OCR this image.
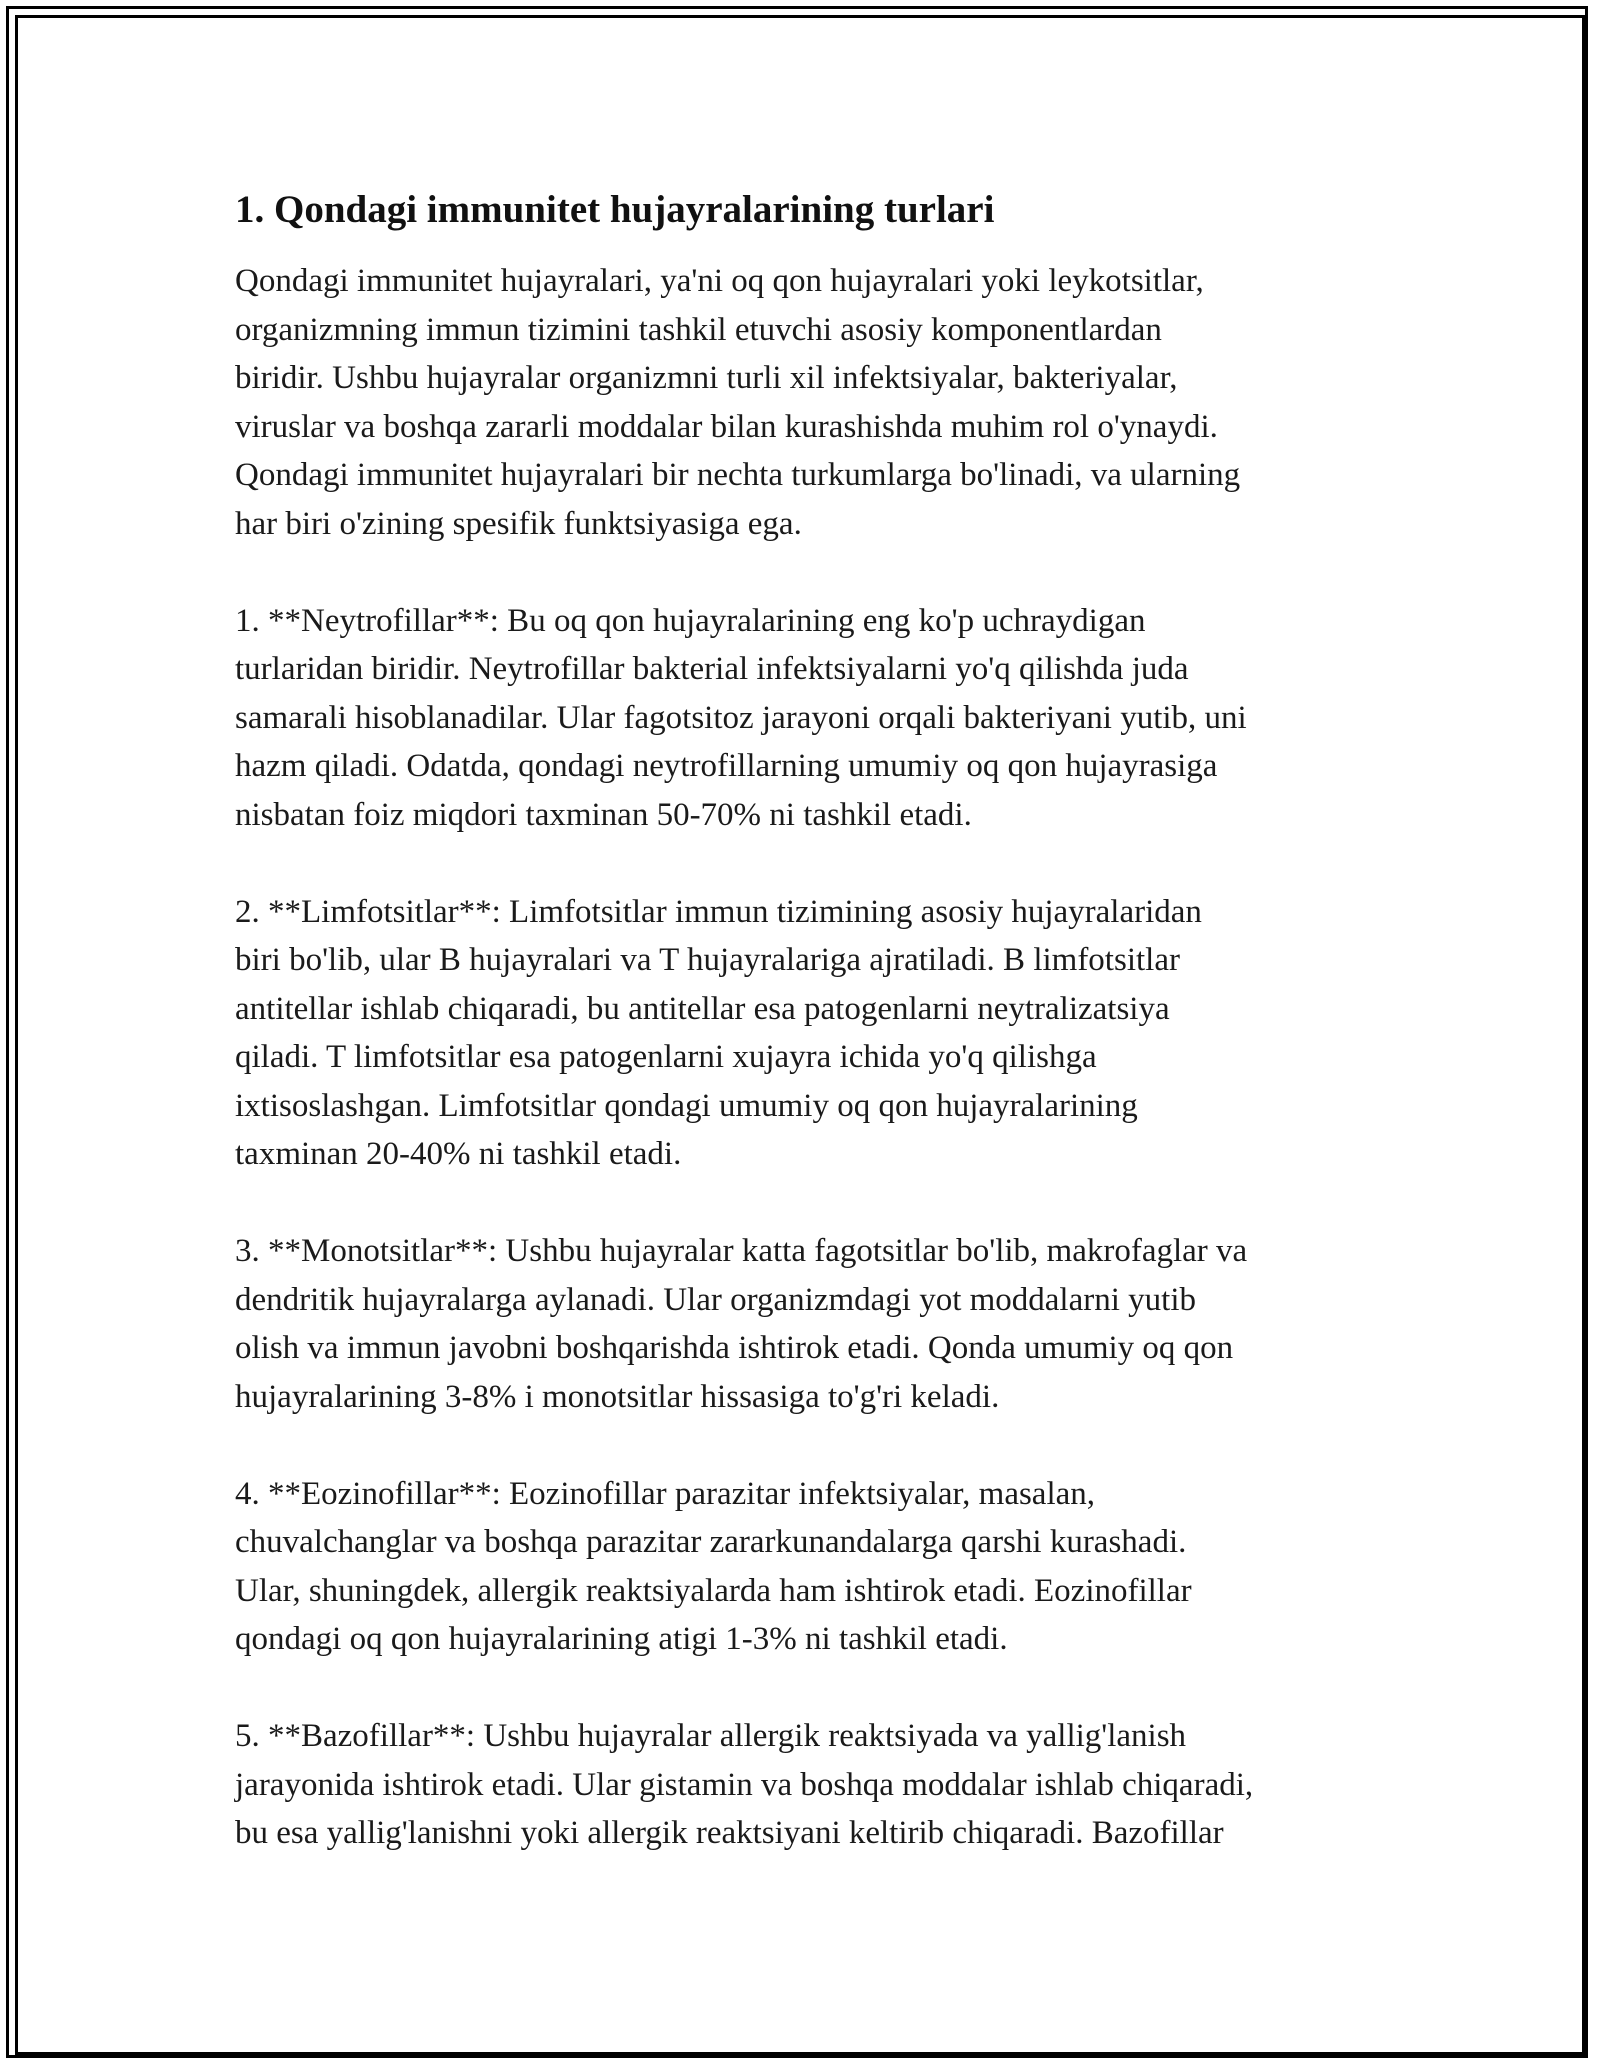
1. Qondagi immunitet hujayralarining turlari

Qondagi immunitet hujayralari, ya'ni oq qon hujayralari yoki leykotsitlar,
organizmning immun tizimini tashkil etuvchi asosiy komponentlardan
biridir. Ushbu hujayralar organizmni turli xil infektsiyalar, bakteriyalar,
viruslar va boshqa zararli moddalar bilan kurashishda muhim rol o'ynaydi.
Qondagi immunitet hujayralari bir nechta turkumlarga bo'linadi, va ularning
har biri o'zining spesifik funktsiyasiga ega.

1. **Neytrofillar**: Bu oq qon hujayralarining eng ko'p uchraydigan
turlaridan biridir. Neytrofillar bakterial infektsiyalarni yo'q qilishda juda
samarali hisoblanadilar. Ular fagotsitoz jarayoni orqali bakteriyani yutib, uni
hazm qiladi. Odatda, qondagi neytrofillarning umumiy oq qon hujayrasiga
nisbatan foiz miqdori taxminan 50-70% ni tashkil etadi.

2. **Limfotsitlar**: Limfotsitlar immun tizimining asosiy hujayralaridan
biri bo'lib, ular B hujayralari va T hujayralariga ajratiladi. B limfotsitlar
antitellar ishlab chiqaradi, bu antitellar esa patogenlarni neytralizatsiya
qiladi. T limfotsitlar esa patogenlarni xujayra ichida yo'q qilishga
ixtisoslashgan. Limfotsitlar qondagi umumiy oq qon hujayralarining
taxminan 20-40% ni tashkil etadi.

3. **Monotsitlar**: Ushbu hujayralar katta fagotsitlar bo'lib, makrofaglar va
dendritik hujayralarga aylanadi. Ular organizmdagi yot moddalarni yutib
olish va immun javobni boshqarishda ishtirok etadi. Qonda umumiy oq qon
hujayralarining 3-8% i monotsitlar hissasiga to'g'ri keladi.

4. **Eozinofillar**: Eozinofillar parazitar infektsiyalar, masalan,
chuvalchanglar va boshqa parazitar zararkunandalarga qarshi kurashadi.
Ular, shuningdek, allergik reaktsiyalarda ham ishtirok etadi. Eozinofillar
qondagi oq qon hujayralarining atigi 1-3% ni tashkil etadi.

5. **Bazofillar**: Ushbu hujayralar allergik reaktsiyada va yallig'lanish
jarayonida ishtirok etadi. Ular gistamin va boshqa moddalar ishlab chiqaradi,
bu esa yallig'lanishni yoki allergik reaktsiyani keltirib chiqaradi. Bazofillar
